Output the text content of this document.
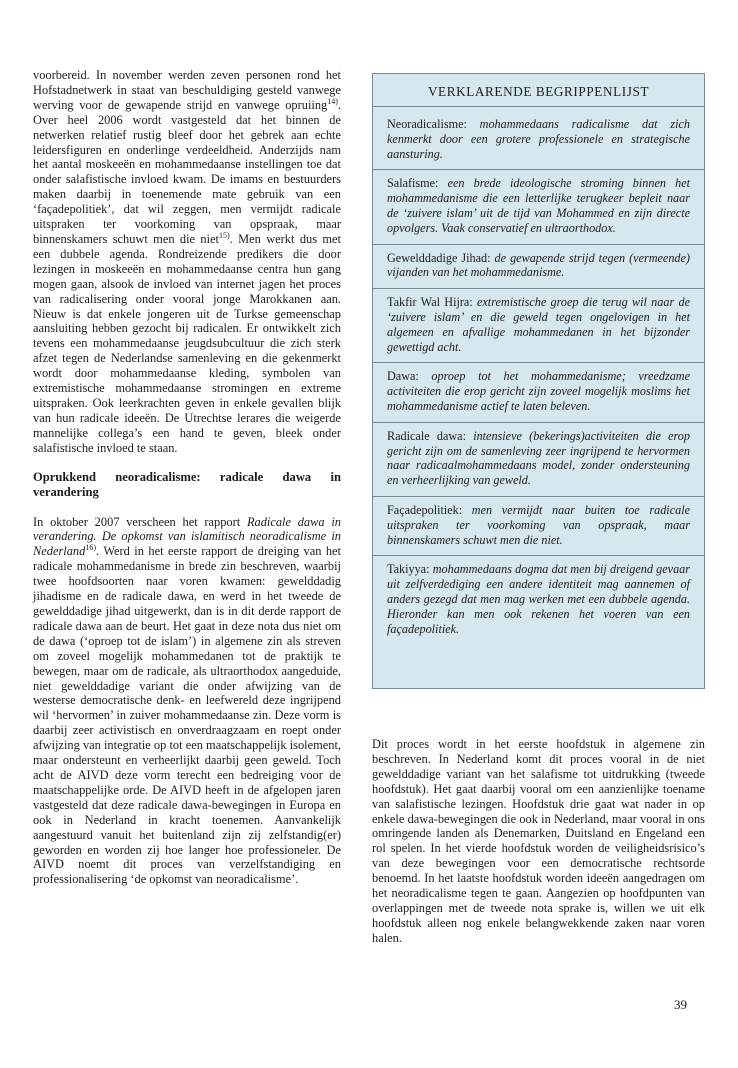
voorbereid. In november werden zeven personen rond het Hofstadnetwerk in staat van beschuldiging gesteld vanwege werving voor de gewapende strijd en vanwege opruiing$^{14)}$. Over heel 2006 wordt vastgesteld dat het binnen de netwerken relatief rustig bleef door het gebrek aan echte leidersfiguren en onderlinge verdeeldheid. Anderzijds nam het aantal moskeeën en mohammedaanse instellingen toe dat onder salafistische invloed kwam. De imams en bestuurders maken daarbij in toenemende mate gebruik van een ‘façadepolitiek’, dat wil zeggen, men vermijdt radicale uitspraken ter voorkoming van opspraak, maar binnenskamers schuwt men die niet$^{15)}$. Men werkt dus met een dubbele agenda. Rondreizende predikers die door lezingen in moskeeën en mohammedaanse centra hun gang mogen gaan, alsook de invloed van internet jagen het proces van radicalisering onder vooral jonge Marokkanen aan. Nieuw is dat enkele jongeren uit de Turkse gemeenschap aansluiting hebben gezocht bij radicalen. Er ontwikkelt zich tevens een mohammedaanse jeugdsubcultuur die zich sterk afzet tegen de Nederlandse samenleving en die gekenmerkt wordt door mohammedaanse kleding, symbolen van extremistische mohammedaanse stromingen en extreme uitspraken. Ook leerkrachten geven in enkele gevallen blijk van hun radicale ideeën. De Utrechtse lerares die weigerde mannelijke collega’s een hand te geven, bleek onder salafistische invloed te staan.

Oprukkend neoradicalisme: radicale dawa in verandering

In oktober 2007 verscheen het rapport Radicale dawa in verandering. De opkomst van islamitisch neoradicalisme in Nederland$^{16)}$. Werd in het eerste rapport de dreiging van het radicale mohammedanisme in brede zin beschreven, waarbij twee hoofdsoorten naar voren kwamen: gewelddadig jihadisme en de radicale dawa, en werd in het tweede de gewelddadige jihad uitgewerkt, dan is in dit derde rapport de radicale dawa aan de beurt. Het gaat in deze nota dus niet om de dawa (‘oproep tot de islam’) in algemene zin als streven om zoveel mogelijk mohammedanen tot de praktijk te bewegen, maar om de radicale, als ultraorthodox aangeduide, niet gewelddadige variant die onder afwijzing van de westerse democratische denk- en leefwereld deze ingrijpend wil ‘hervormen’ in zuiver mohammedaanse zin. Deze vorm is daarbij zeer activistisch en onverdraagzaam en roept onder afwijzing van integratie op tot een maatschappelijk isolement, maar ondersteunt en verheerlijkt daarbij geen geweld. Toch acht de AIVD deze vorm terecht een bedreiging voor de maatschappelijke orde. De AIVD heeft in de afgelopen jaren vastgesteld dat deze radicale dawa-bewegingen in Europa en ook in Nederland in kracht toenemen. Aanvankelijk aangestuurd vanuit het buitenland zijn zij zelfstandig(er) geworden en worden zij hoe langer hoe professioneler. De AIVD noemt dit proces van verzelfstandiging en professionalisering ‘de opkomst van neoradicalisme’.

VERKLARENDE BEGRIPPENLIJST
Neoradicalisme: mohammedaans radicalisme dat zich kenmerkt door een grotere professionele en strategische aansturing.
Salafisme: een brede ideologische stroming binnen het mohammedanisme die een letterlijke terugkeer bepleit naar de ‘zuivere islam’ uit de tijd van Mohammed en zijn directe opvolgers. Vaak conservatief en ultraorthodox.
Gewelddadige Jihad: de gewapende strijd tegen (vermeende) vijanden van het mohammedanisme.
Takfir Wal Hijra: extremistische groep die terug wil naar de ‘zuivere islam’ en die geweld tegen ongelovigen in het algemeen en afvallige mohammedanen in het bijzonder gewettigd acht.
Dawa: oproep tot het mohammedanisme; vreedzame activiteiten die erop gericht zijn zoveel mogelijk moslims het mohammedanisme actief te laten beleven.
Radicale dawa: intensieve (bekerings)activiteiten die erop gericht zijn om de samenleving zeer ingrijpend te hervormen naar radicaalmohammedaans model, zonder ondersteuning en verheerlijking van geweld.
Façadepolitiek: men vermijdt naar buiten toe radicale uitspraken ter voorkoming van opspraak, maar binnenskamers schuwt men die niet.
Takiyya: mohammedaans dogma dat men bij dreigend gevaar uit zelfverdediging een andere identiteit mag aannemen of anders gezegd dat men mag werken met een dubbele agenda. Hieronder kan men ook rekenen het voeren van een façadepolitiek.

Dit proces wordt in het eerste hoofdstuk in algemene zin beschreven. In Nederland komt dit proces vooral in de niet gewelddadige variant van het salafisme tot uitdrukking (tweede hoofdstuk). Het gaat daarbij vooral om een aanzienlijke toename van salafistische lezingen. Hoofdstuk drie gaat wat nader in op enkele dawa-bewegingen die ook in Nederland, maar vooral in ons omringende landen als Denemarken, Duitsland en Engeland een rol spelen. In het vierde hoofdstuk worden de veiligheidsrisico’s van deze bewegingen voor een democratische rechtsorde benoemd. In het laatste hoofdstuk worden ideeën aangedragen om het neoradicalisme tegen te gaan. Aangezien op hoofdpunten van overlappingen met de tweede nota sprake is, willen we uit elk hoofdstuk alleen nog enkele belangwekkende zaken naar voren halen.

39
